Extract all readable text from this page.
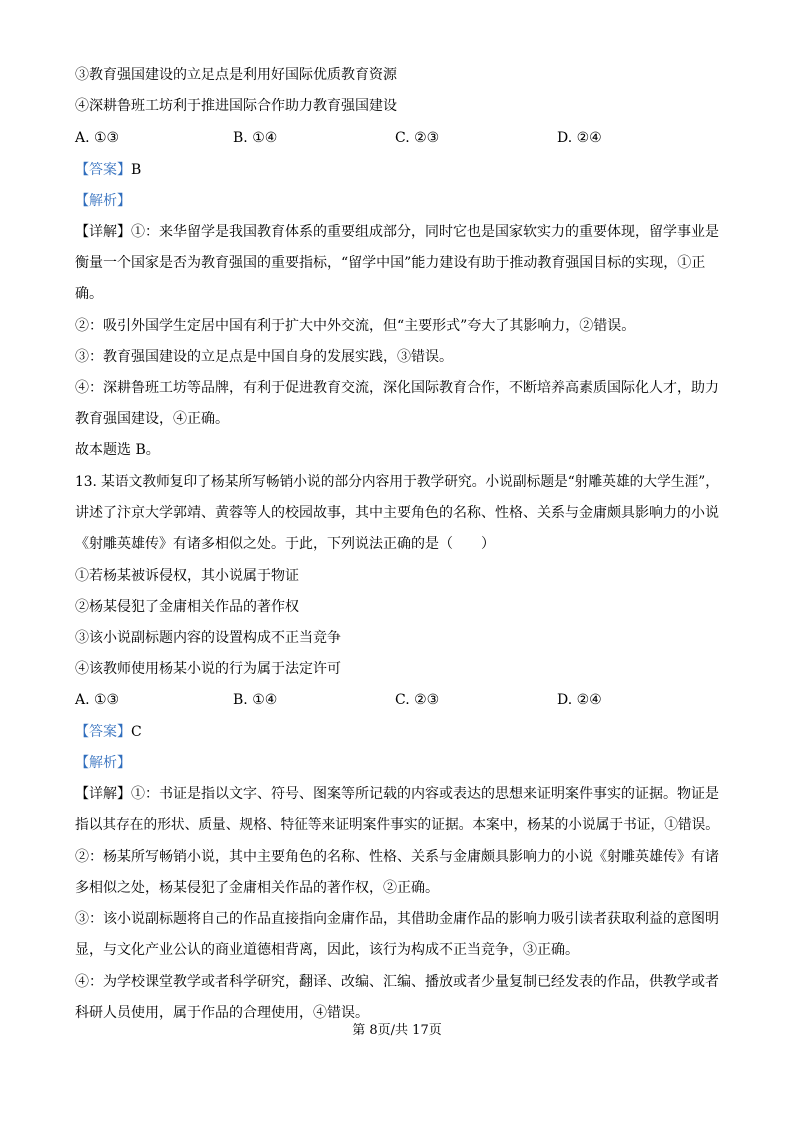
③教育强国建设的立足点是利用好国际优质教育资源
④深耕鲁班工坊利于推进国际合作助力教育强国建设
A. ①③	B. ①④	C. ②③	D. ②④
【答案】B
【解析】
【详解】①：来华留学是我国教育体系的重要组成部分，同时它也是国家软实力的重要体现，留学事业是
衡量一个国家是否为教育强国的重要指标，“留学中国”能力建设有助于推动教育强国目标的实现，①正
确。
②：吸引外国学生定居中国有利于扩大中外交流，但“主要形式”夸大了其影响力，②错误。
③：教育强国建设的立足点是中国自身的发展实践，③错误。
④：深耕鲁班工坊等品牌，有利于促进教育交流，深化国际教育合作，不断培养高素质国际化人才，助力
教育强国建设，④正确。
故本题选 B。
13. 某语文教师复印了杨某所写畅销小说的部分内容用于教学研究。小说副标题是“射雕英雄的大学生涯”，
讲述了汴京大学郭靖、黄蓉等人的校园故事，其中主要角色的名称、性格、关系与金庸颇具影响力的小说
《射雕英雄传》有诸多相似之处。于此，下列说法正确的是（　　）
①若杨某被诉侵权，其小说属于物证
②杨某侵犯了金庸相关作品的著作权
③该小说副标题内容的设置构成不正当竞争
④该教师使用杨某小说的行为属于法定许可
A. ①③	B. ①④	C. ②③	D. ②④
【答案】C
【解析】
【详解】①：书证是指以文字、符号、图案等所记载的内容或表达的思想来证明案件事实的证据。物证是
指以其存在的形状、质量、规格、特征等来证明案件事实的证据。本案中，杨某的小说属于书证，①错误。
②：杨某所写畅销小说，其中主要角色的名称、性格、关系与金庸颇具影响力的小说《射雕英雄传》有诸
多相似之处，杨某侵犯了金庸相关作品的著作权，②正确。
③：该小说副标题将自己的作品直接指向金庸作品，其借助金庸作品的影响力吸引读者获取利益的意图明
显，与文化产业公认的商业道德相背离，因此，该行为构成不正当竞争，③正确。
④：为学校课堂教学或者科学研究，翻译、改编、汇编、播放或者少量复制已经发表的作品，供教学或者
科研人员使用，属于作品的合理使用，④错误。
第 8页/共 17页
